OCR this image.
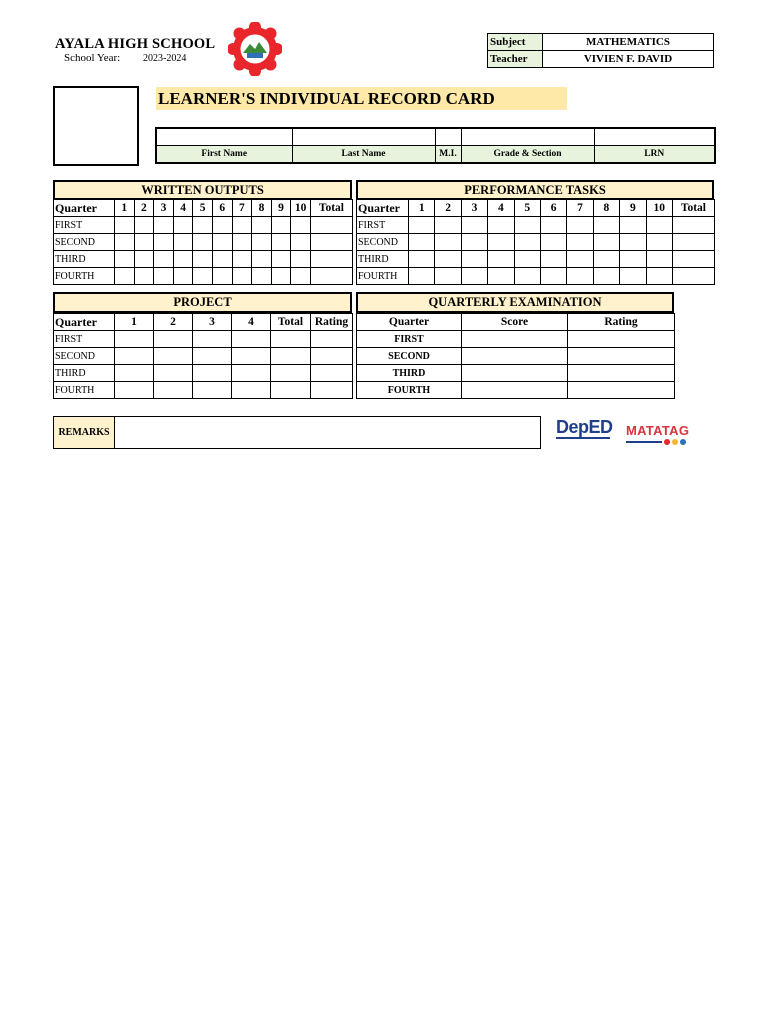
AYALA HIGH SCHOOL
School Year: 2023-2024
Subject	MATHEMATICS
Teacher	VIVIEN F. DAVID
LEARNER'S INDIVIDUAL RECORD CARD

First Name	Last Name	M.I.	Grade & Section	LRN
WRITTEN OUTPUTS
Quarter	1	2	3	4	5	6	7	8	9	10	Total
FIRST											
SECOND											
THIRD											
FOURTH											
PERFORMANCE TASKS
Quarter	1	2	3	4	5	6	7	8	9	10	Total
FIRST											
SECOND											
THIRD											
FOURTH											
PROJECT
Quarter	1	2	3	4	Total	Rating
FIRST						
SECOND						
THIRD						
FOURTH						
QUARTERLY EXAMINATION
Quarter	Score	Rating
FIRST		
SECOND		
THIRD		
FOURTH		
REMARKS		DepED MATATAG
